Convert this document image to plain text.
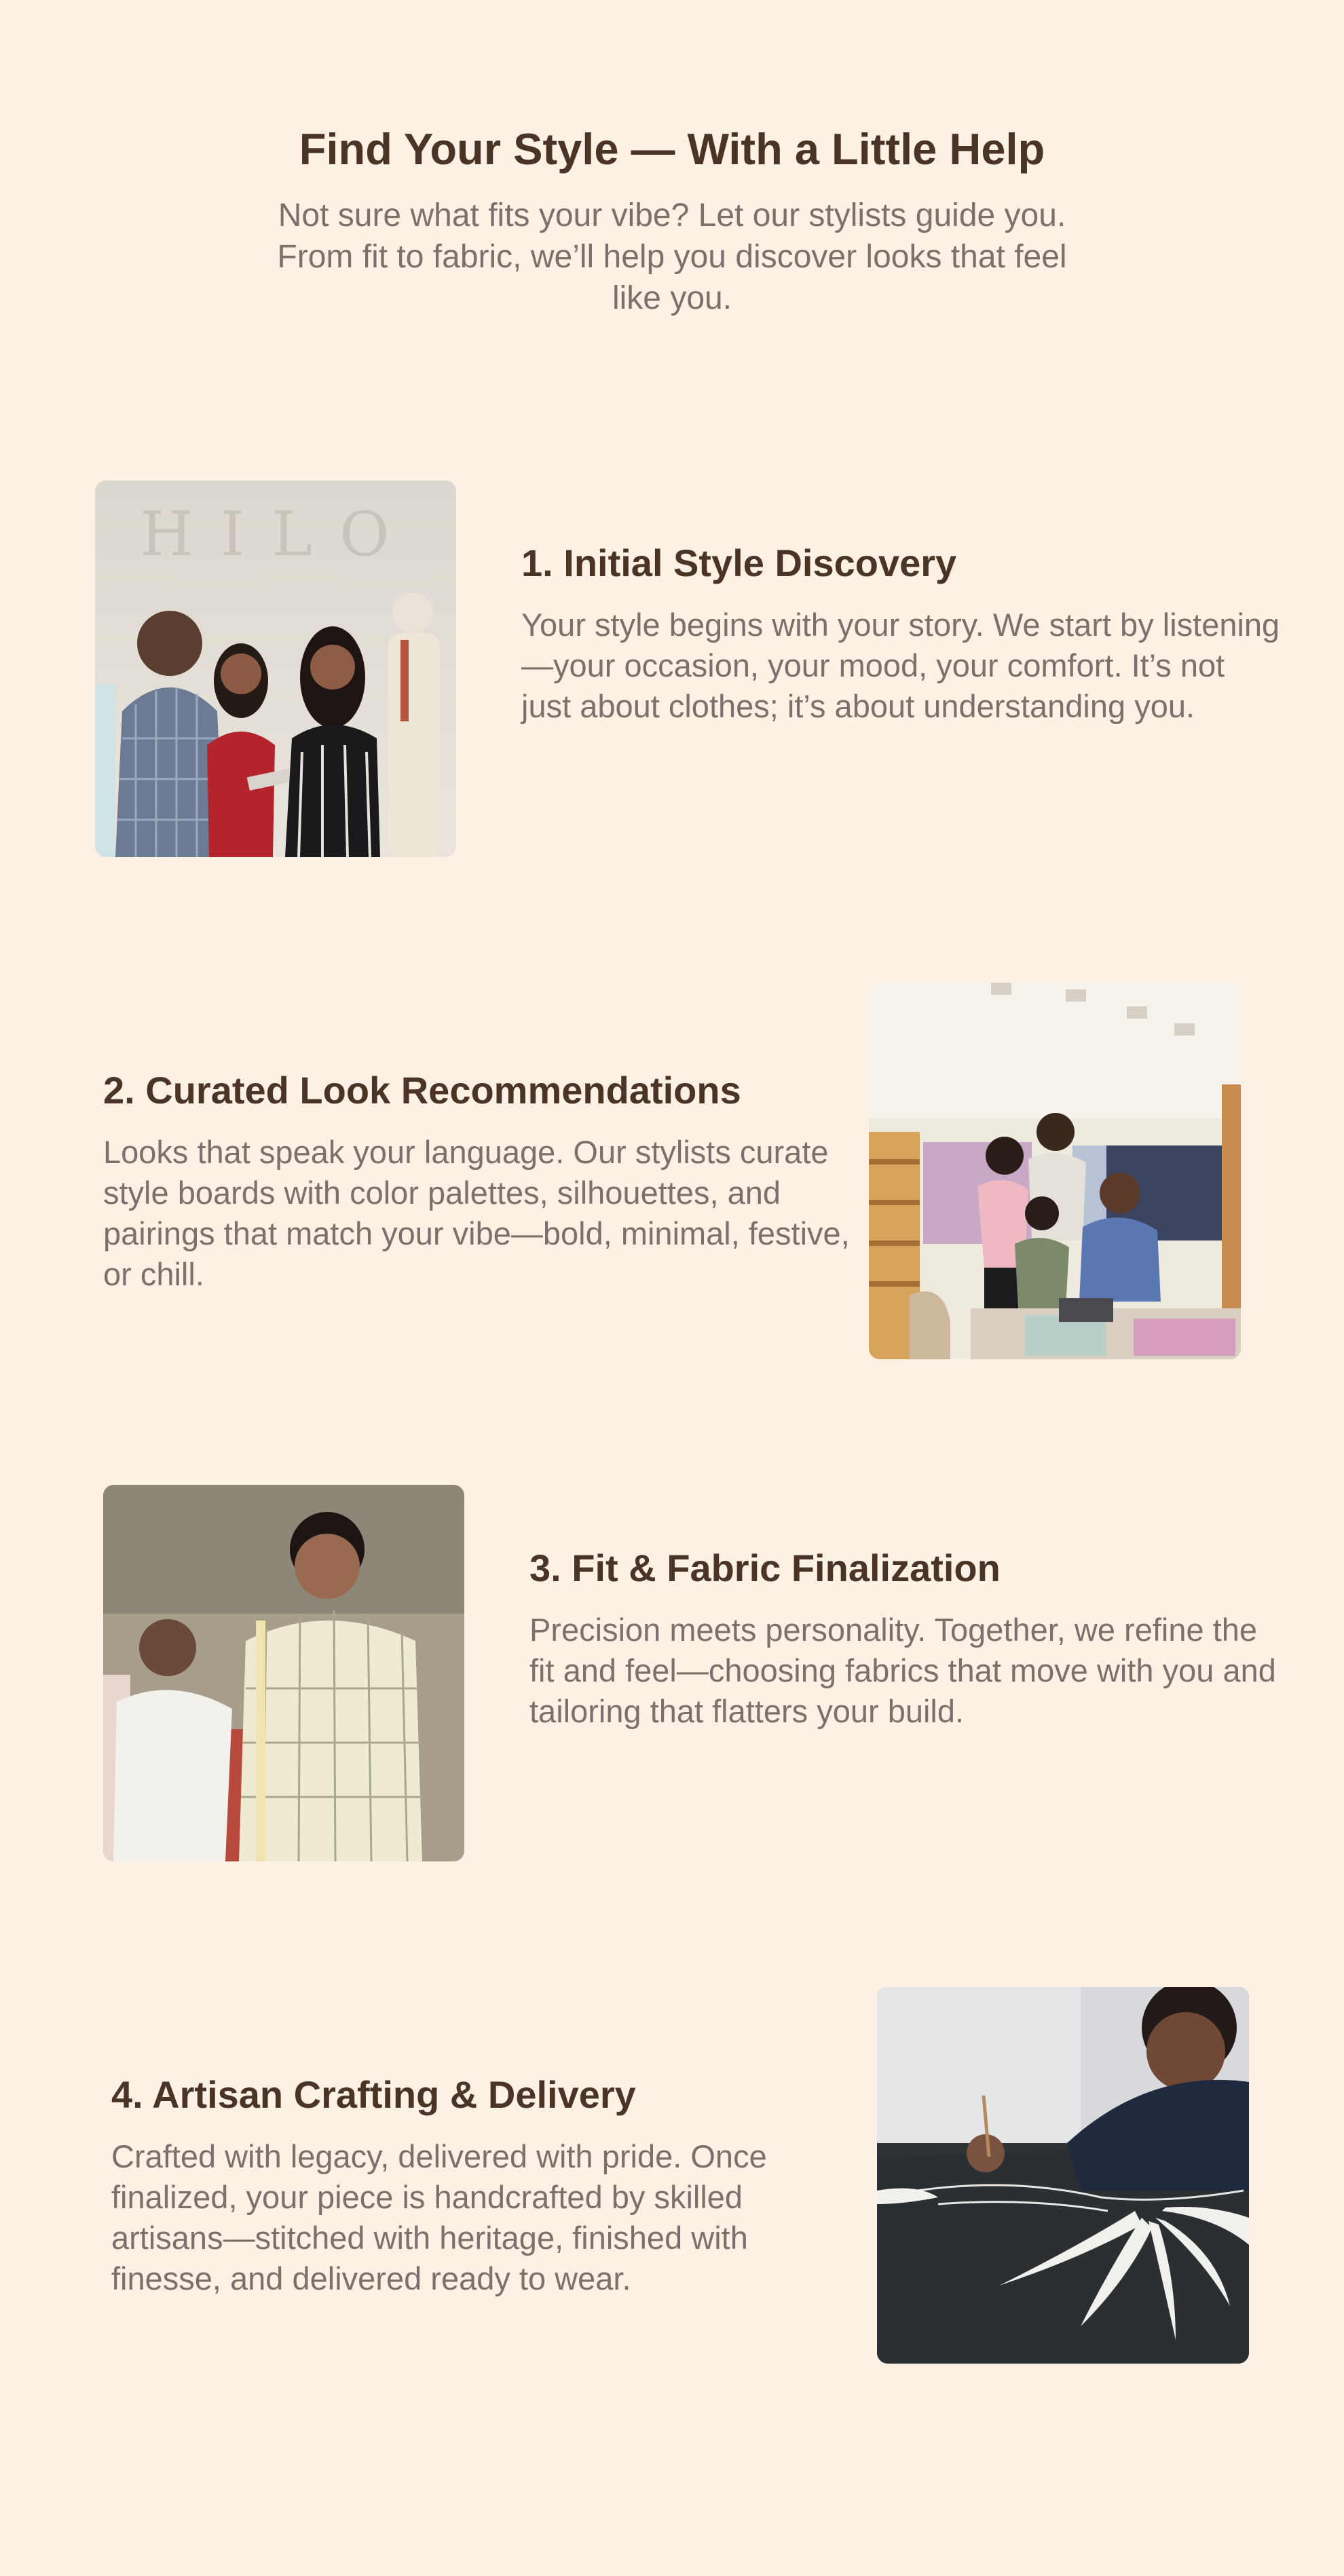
Find Your Style — With a Little Help

Not sure what fits your vibe? Let our stylists guide you. From fit to fabric, we’ll help you discover looks that feel like you.

HILO	1. Initial Style Discovery

Your style begins with your story. We start by listening—your occasion, your mood, your comfort. It’s not just about clothes; it’s about understanding you.

2. Curated Look Recommendations

Looks that speak your language. Our stylists curate style boards with color palettes, silhouettes, and pairings that match your vibe—bold, minimal, festive, or chill.

3. Fit & Fabric Finalization

Precision meets personality. Together, we refine the fit and feel—choosing fabrics that move with you and tailoring that flatters your build.

4. Artisan Crafting & Delivery

Crafted with legacy, delivered with pride. Once finalized, your piece is handcrafted by skilled artisans—stitched with heritage, finished with finesse, and delivered ready to wear.
